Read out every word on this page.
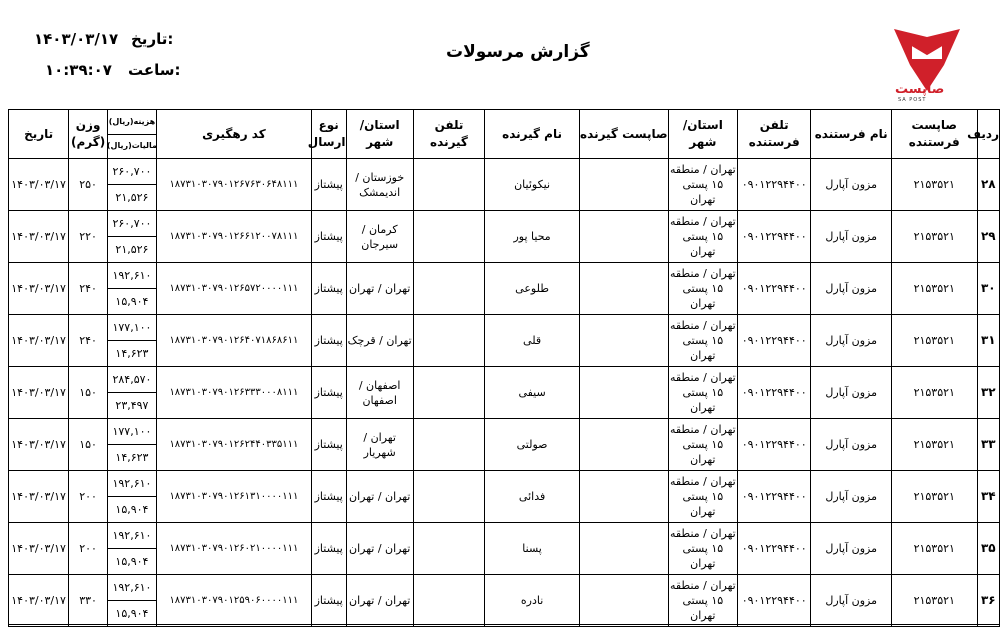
تاریخ:
۱۴۰۳/۰۳/۱۷
ساعت:
۱۰:۳۹:۰۷
گزارش مرسولات
صاپست
SA POST
ردیف	صاپست فرستنده	نام فرستنده	تلفن فرستنده	استان/ شهر	صاپست گیرنده	نام گیرنده	تلفن گیرنده	استان/ شهر	نوع ارسال	کد رهگیری	هزینه(ریال)
مالیات(ریال)	وزن (گرم)	تاریخ
۲۸	۲۱۵۳۵۲۱	مزون آپارل	۰۹۰۱۲۲۹۴۴۰۰	تهران / منطقه ۱۵ پستی تهران		نیکوئیان		خوزستان / اندیمشک	پیشتاز	۱۸۷۳۱۰۳۰۷۹۰۱۲۶۷۶۳۰۶۴۸۱۱۱	۲۶۰,۷۰۰
۲۱,۵۲۶	۲۵۰	۱۴۰۳/۰۳/۱۷
۲۹	۲۱۵۳۵۲۱	مزون آپارل	۰۹۰۱۲۲۹۴۴۰۰	تهران / منطقه ۱۵ پستی تهران		محیا پور		کرمان / سیرجان	پیشتاز	۱۸۷۳۱۰۳۰۷۹۰۱۲۶۶۱۲۰۰۷۸۱۱۱	۲۶۰,۷۰۰
۲۱,۵۲۶	۲۲۰	۱۴۰۳/۰۳/۱۷
۳۰	۲۱۵۳۵۲۱	مزون آپارل	۰۹۰۱۲۲۹۴۴۰۰	تهران / منطقه ۱۵ پستی تهران		طلوعی		تهران / تهران	پیشتاز	۱۸۷۳۱۰۳۰۷۹۰۱۲۶۵۷۲۰۰۰۰۱۱۱	۱۹۲,۶۱۰
۱۵,۹۰۴	۲۴۰	۱۴۰۳/۰۳/۱۷
۳۱	۲۱۵۳۵۲۱	مزون آپارل	۰۹۰۱۲۲۹۴۴۰۰	تهران / منطقه ۱۵ پستی تهران		قلی		تهران / قرچک	پیشتاز	۱۸۷۳۱۰۳۰۷۹۰۱۲۶۴۰۷۱۸۶۸۶۱۱	۱۷۷,۱۰۰
۱۴,۶۲۳	۲۴۰	۱۴۰۳/۰۳/۱۷
۳۲	۲۱۵۳۵۲۱	مزون آپارل	۰۹۰۱۲۲۹۴۴۰۰	تهران / منطقه ۱۵ پستی تهران		سیفی		اصفهان / اصفهان	پیشتاز	۱۸۷۳۱۰۳۰۷۹۰۱۲۶۳۳۳۰۰۰۸۱۱۱	۲۸۴,۵۷۰
۲۳,۴۹۷	۱۵۰	۱۴۰۳/۰۳/۱۷
۳۳	۲۱۵۳۵۲۱	مزون آپارل	۰۹۰۱۲۲۹۴۴۰۰	تهران / منطقه ۱۵ پستی تهران		صولتی		تهران / شهریار	پیشتاز	۱۸۷۳۱۰۳۰۷۹۰۱۲۶۲۴۴۰۳۳۵۱۱۱	۱۷۷,۱۰۰
۱۴,۶۲۳	۱۵۰	۱۴۰۳/۰۳/۱۷
۳۴	۲۱۵۳۵۲۱	مزون آپارل	۰۹۰۱۲۲۹۴۴۰۰	تهران / منطقه ۱۵ پستی تهران		فدائی		تهران / تهران	پیشتاز	۱۸۷۳۱۰۳۰۷۹۰۱۲۶۱۳۱۰۰۰۰۱۱۱	۱۹۲,۶۱۰
۱۵,۹۰۴	۲۰۰	۱۴۰۳/۰۳/۱۷
۳۵	۲۱۵۳۵۲۱	مزون آپارل	۰۹۰۱۲۲۹۴۴۰۰	تهران / منطقه ۱۵ پستی تهران		پسنا		تهران / تهران	پیشتاز	۱۸۷۳۱۰۳۰۷۹۰۱۲۶۰۲۱۰۰۰۰۱۱۱	۱۹۲,۶۱۰
۱۵,۹۰۴	۲۰۰	۱۴۰۳/۰۳/۱۷
۳۶	۲۱۵۳۵۲۱	مزون آپارل	۰۹۰۱۲۲۹۴۴۰۰	تهران / منطقه ۱۵ پستی تهران		نادره		تهران / تهران	پیشتاز	۱۸۷۳۱۰۳۰۷۹۰۱۲۵۹۰۶۰۰۰۰۱۱۱	۱۹۲,۶۱۰
۱۵,۹۰۴	۳۳۰	۱۴۰۳/۰۳/۱۷
